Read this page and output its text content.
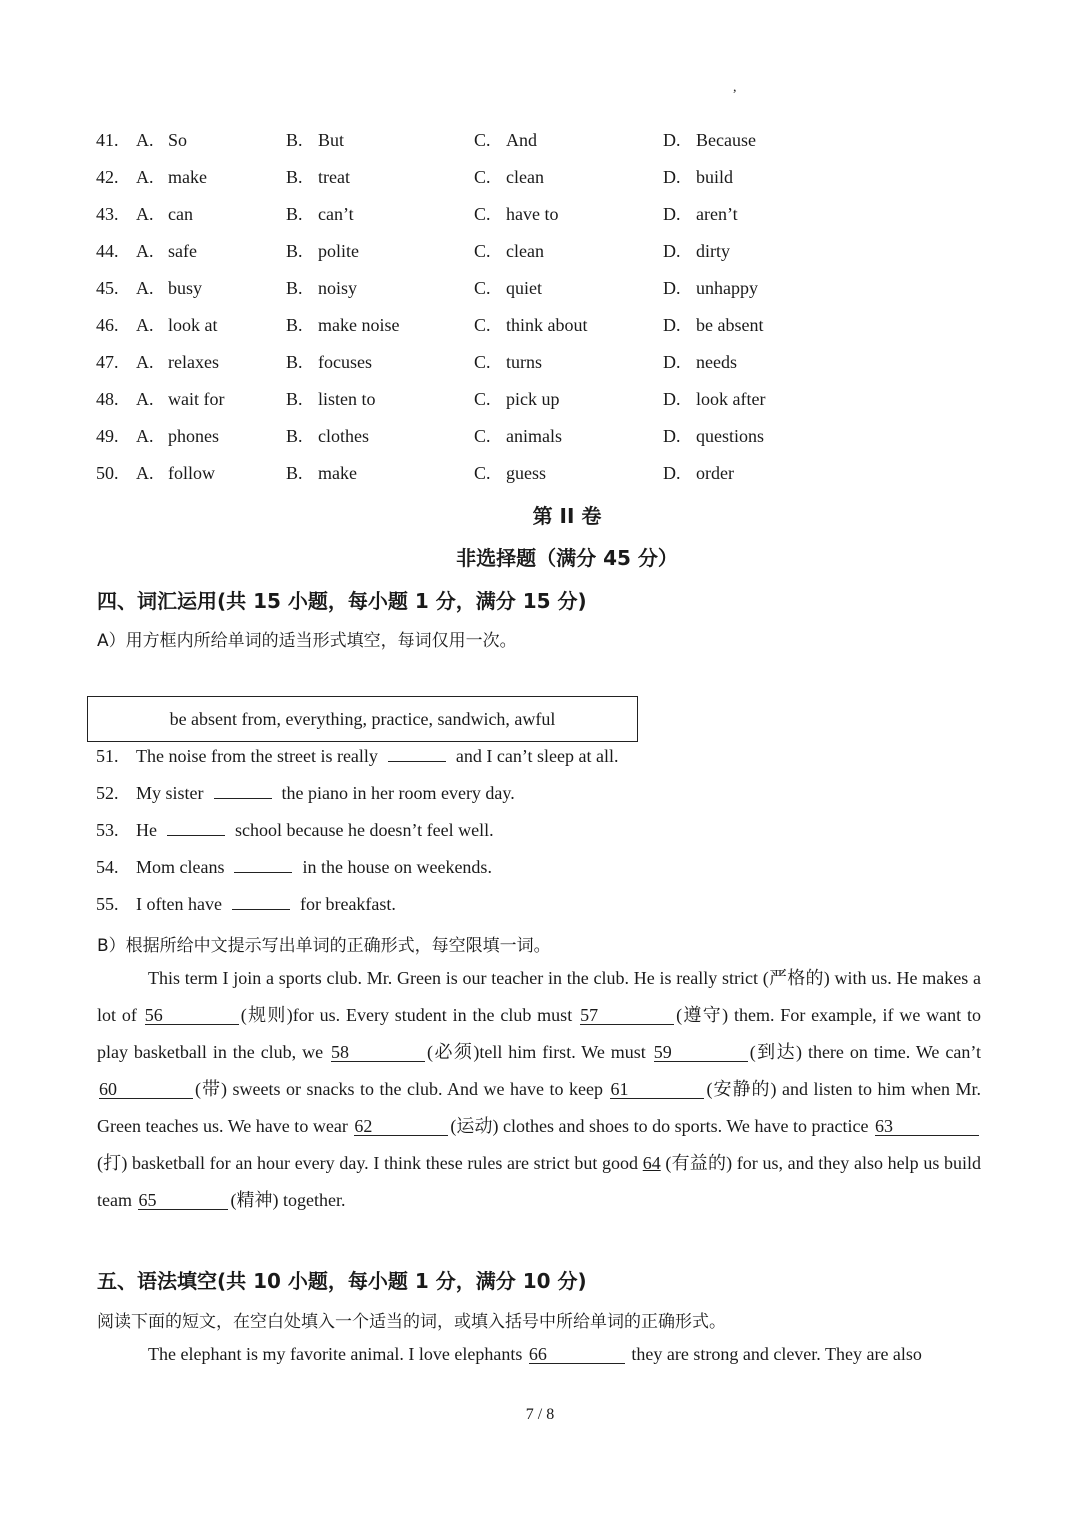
,
41. A. So	B. But	C. And	D. Because
42. A. make	B. treat	C. clean	D. build
43. A. can	B. can’t	C. have to	D. aren’t
44. A. safe	B. polite	C. clean	D. dirty
45. A. busy	B. noisy	C. quiet	D. unhappy
46. A. look at	B. make noise	C. think about	D. be absent
47. A. relaxes	B. focuses	C. turns	D. needs
48. A. wait for	B. listen to	C. pick up	D. look after
49. A. phones	B. clothes	C. animals	D. questions
50. A. follow	B. make	C. guess	D. order
第 II 卷
非选择题（满分 45 分）
四、词汇运用(共 15 小题，每小题 1 分，满分 15 分)
A）用方框内所给单词的适当形式填空，每词仅用一次。
be absent from, everything, practice, sandwich, awful
51. The noise from the street is really	and I can’t sleep at all.
52. My sister	the piano in her room every day.
53. He	school because he doesn’t feel well.
54. Mom cleans	in the house on weekends.
55. I often have	for breakfast.
B）根据所给中文提示写出单词的正确形式，每空限填一词。
This term I join a sports club. Mr. Green is our teacher in the club. He is really strict (严格的) with us. He makes a lot of 56	(规则)for us. Every student in the club must 57	(遵守) them. For example, if we want to play basketball in the club, we 58	(必须)tell him first. We must 59	(到达) there on time. We can’t 60	(带) sweets or snacks to the club. And we have to keep 61	(安静的) and listen to him when Mr. Green teaches us. We have to wear 62	(运动) clothes and shoes to do sports. We have to practice 63(打) basketball for an hour every day. I think these rules are strict but good 64 (有益的) for us, and they also help us build team 65	(精神) together.
五、语法填空(共 10 小题，每小题 1 分，满分 10 分)
阅读下面的短文，在空白处填入一个适当的词，或填入括号中所给单词的正确形式。
The elephant is my favorite animal. I love elephants 66	they are strong and clever. They are also
7 / 8
